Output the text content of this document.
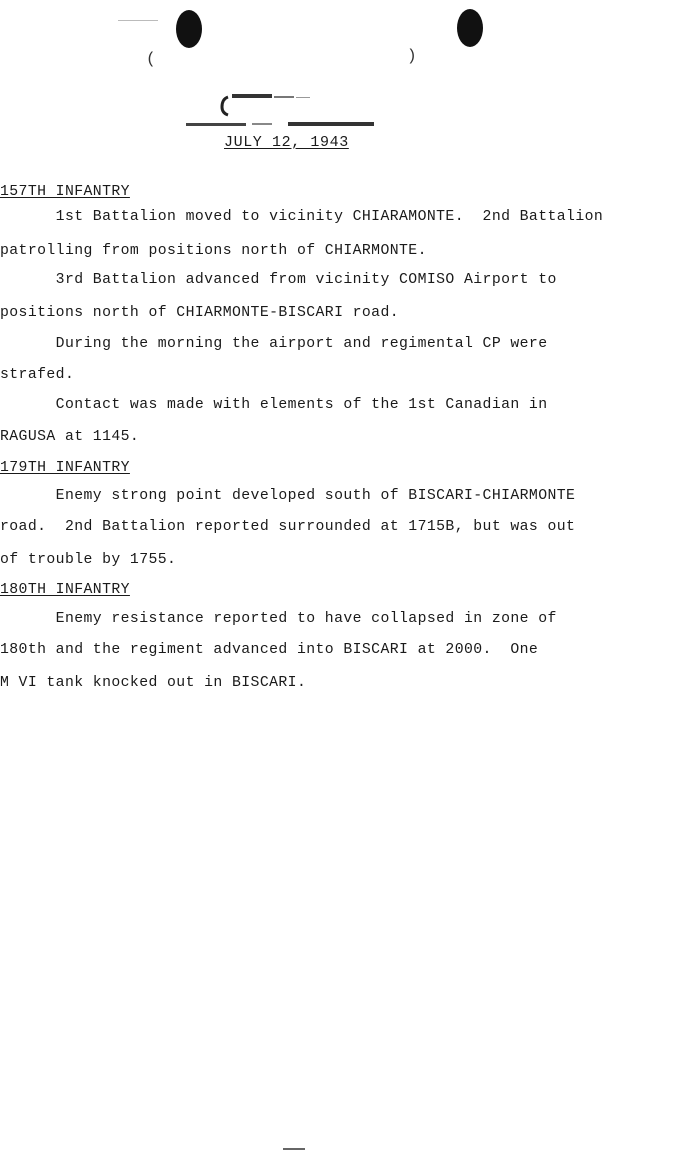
(	)
JULY 12, 1943
157TH INFANTRY
1st Battalion moved to vicinity CHIARAMONTE.  2nd Battalion
patrolling from positions north of CHIARMONTE.
3rd Battalion advanced from vicinity COMISO Airport to
positions north of CHIARMONTE-BISCARI road.
During the morning the airport and regimental CP were
strafed.
Contact was made with elements of the 1st Canadian in
RAGUSA at 1145.
179TH INFANTRY
Enemy strong point developed south of BISCARI-CHIARMONTE
road.  2nd Battalion reported surrounded at 1715B, but was out
of trouble by 1755.
180TH INFANTRY
Enemy resistance reported to have collapsed in zone of
180th and the regiment advanced into BISCARI at 2000.  One
M VI tank knocked out in BISCARI.
